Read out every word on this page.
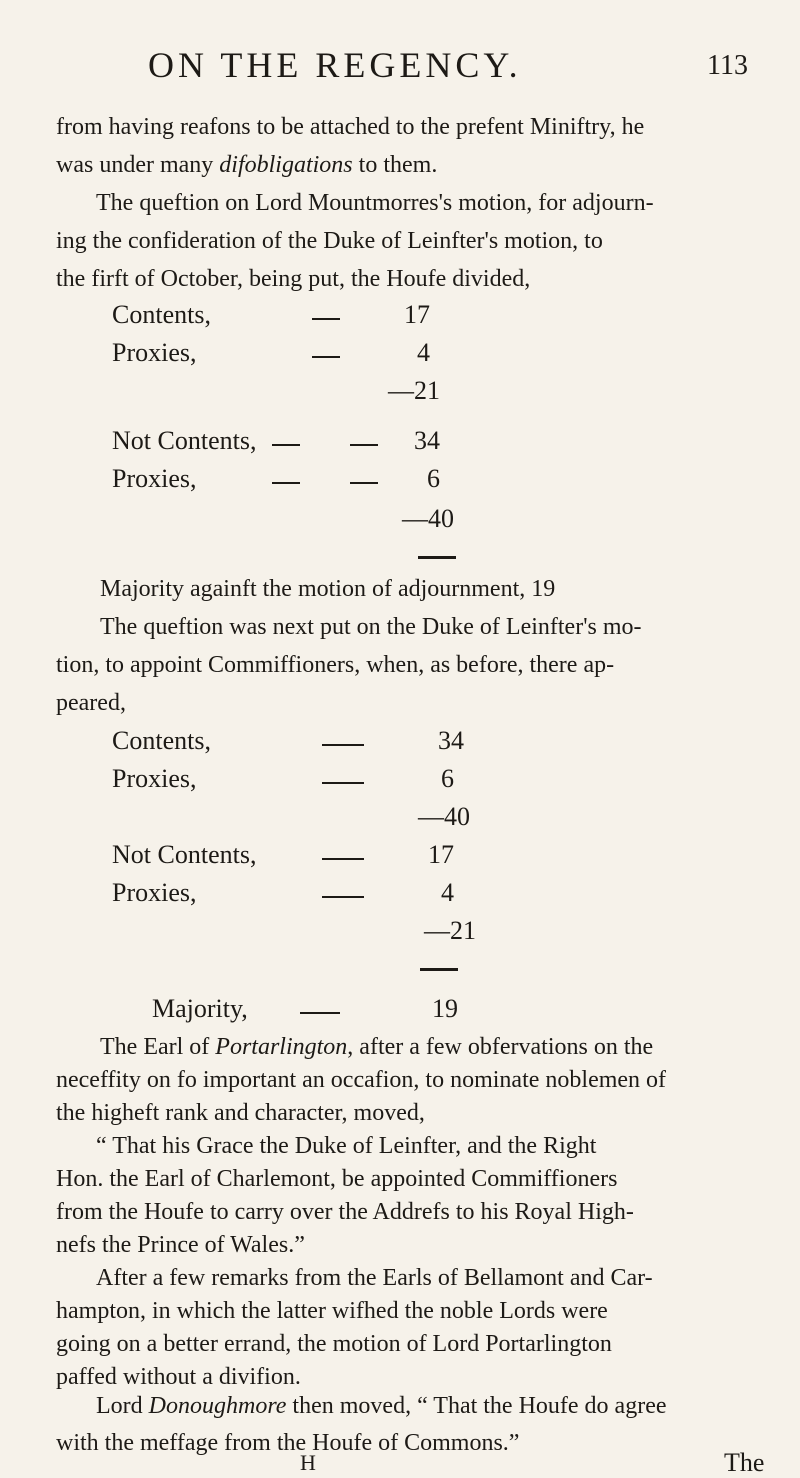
ON THE REGENCY.	113
from having reafons to be attached to the prefent Miniftry, he
was under many difobligations to them.
The queftion on Lord Mountmorres's motion, for adjourn-
ing the confideration of the Duke of Leinfter's motion, to
the firft of October, being put, the Houfe divided,
Contents,	17
Proxies,	4
—21
Not Contents,	34
Proxies,	6
—40
Majority againft the motion of adjournment, 19
The queftion was next put on the Duke of Leinfter's mo-
tion, to appoint Commiffioners, when, as before, there ap-
peared,
Contents,	34
Proxies,	6
—40
Not Contents,	17
Proxies,	4
—21
Majority,	19
The Earl of Portarlington, after a few obfervations on the
neceffity on fo important an occafion, to nominate noblemen of
the higheft rank and character, moved,
“ That his Grace the Duke of Leinfter, and the Right
Hon. the Earl of Charlemont, be appointed Commiffioners
from the Houfe to carry over the Addrefs to his Royal High-
nefs the Prince of Wales.”
After a few remarks from the Earls of Bellamont and Car-
hampton, in which the latter wifhed the noble Lords were
going on a better errand, the motion of Lord Portarlington
paffed without a divifion.
Lord Donoughmore then moved, “ That the Houfe do agree
H
with the meffage from the Houfe of Commons.”
The
